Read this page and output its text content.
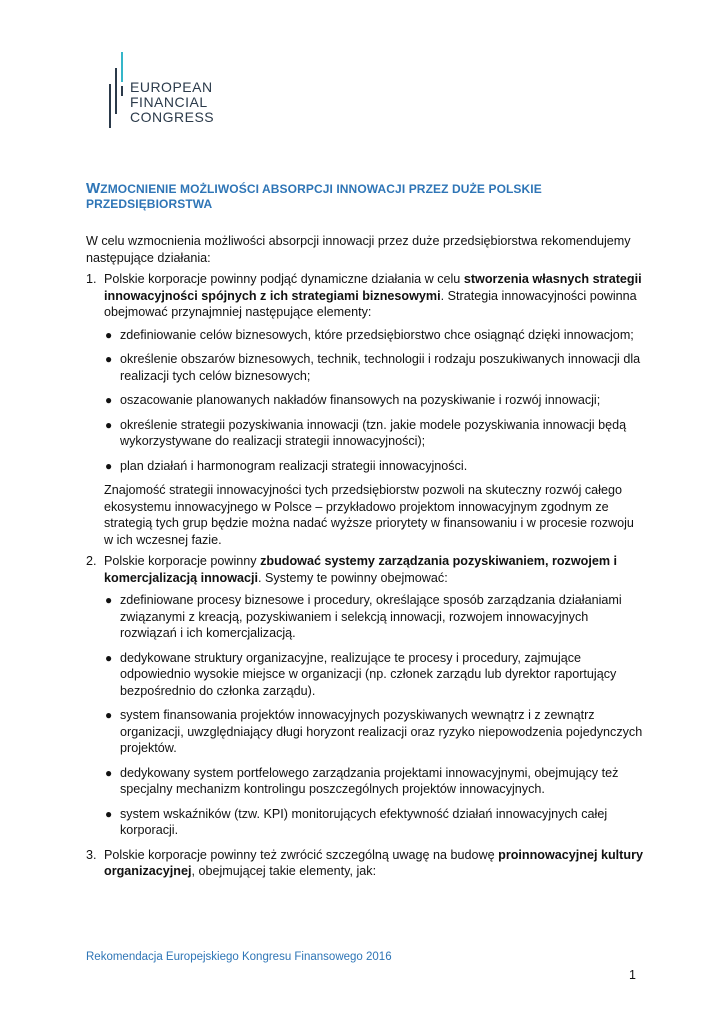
EUROPEAN
FINANCIAL
CONGRESS
WZMOCNIENIE MOŻLIWOŚCI ABSORPCJI INNOWACJI PRZEZ DUŻE POLSKIE PRZEDSIĘBIORSTWA

W celu wzmocnienia możliwości absorpcji innowacji przez duże przedsiębiorstwa rekomendujemy następujące działania:

1. Polskie korporacje powinny podjąć dynamiczne działania w celu stworzenia własnych strategii innowacyjności spójnych z ich strategiami biznesowymi. Strategia innowacyjności powinna obejmować przynajmniej następujące elementy:

● zdefiniowanie celów biznesowych, które przedsiębiorstwo chce osiągnąć dzięki innowacjom;
● określenie obszarów biznesowych, technik, technologii i rodzaju poszukiwanych innowacji dla realizacji tych celów biznesowych;
● oszacowanie planowanych nakładów finansowych na pozyskiwanie i rozwój innowacji;
● określenie strategii pozyskiwania innowacji (tzn. jakie modele pozyskiwania innowacji będą wykorzystywane do realizacji strategii innowacyjności);
● plan działań i harmonogram realizacji strategii innowacyjności.

Znajomość strategii innowacyjności tych przedsiębiorstw pozwoli na skuteczny rozwój całego ekosystemu innowacyjnego w Polsce – przykładowo projektom innowacyjnym zgodnym ze strategią tych grup będzie można nadać wyższe priorytety w finansowaniu i w procesie rozwoju w ich wczesnej fazie.

2. Polskie korporacje powinny zbudować systemy zarządzania pozyskiwaniem, rozwojem i komercjalizacją innowacji. Systemy te powinny obejmować:

● zdefiniowane procesy biznesowe i procedury, określające sposób zarządzania działaniami związanymi z kreacją, pozyskiwaniem i selekcją innowacji, rozwojem innowacyjnych rozwiązań i ich komercjalizacją.
● dedykowane struktury organizacyjne, realizujące te procesy i procedury, zajmujące odpowiednio wysokie miejsce w organizacji (np. członek zarządu lub dyrektor raportujący bezpośrednio do członka zarządu).
● system finansowania projektów innowacyjnych pozyskiwanych wewnątrz i z zewnątrz organizacji, uwzględniający długi horyzont realizacji oraz ryzyko niepowodzenia pojedynczych projektów.
● dedykowany system portfelowego zarządzania projektami innowacyjnymi, obejmujący też specjalny mechanizm kontrolingu poszczególnych projektów innowacyjnych.
● system wskaźników (tzw. KPI) monitorujących efektywność działań innowacyjnych całej korporacji.
3. Polskie korporacje powinny też zwrócić szczególną uwagę na budowę proinnowacyjnej kultury organizacyjnej, obejmującej takie elementy, jak:

Rekomendacja Europejskiego Kongresu Finansowego 2016
1
